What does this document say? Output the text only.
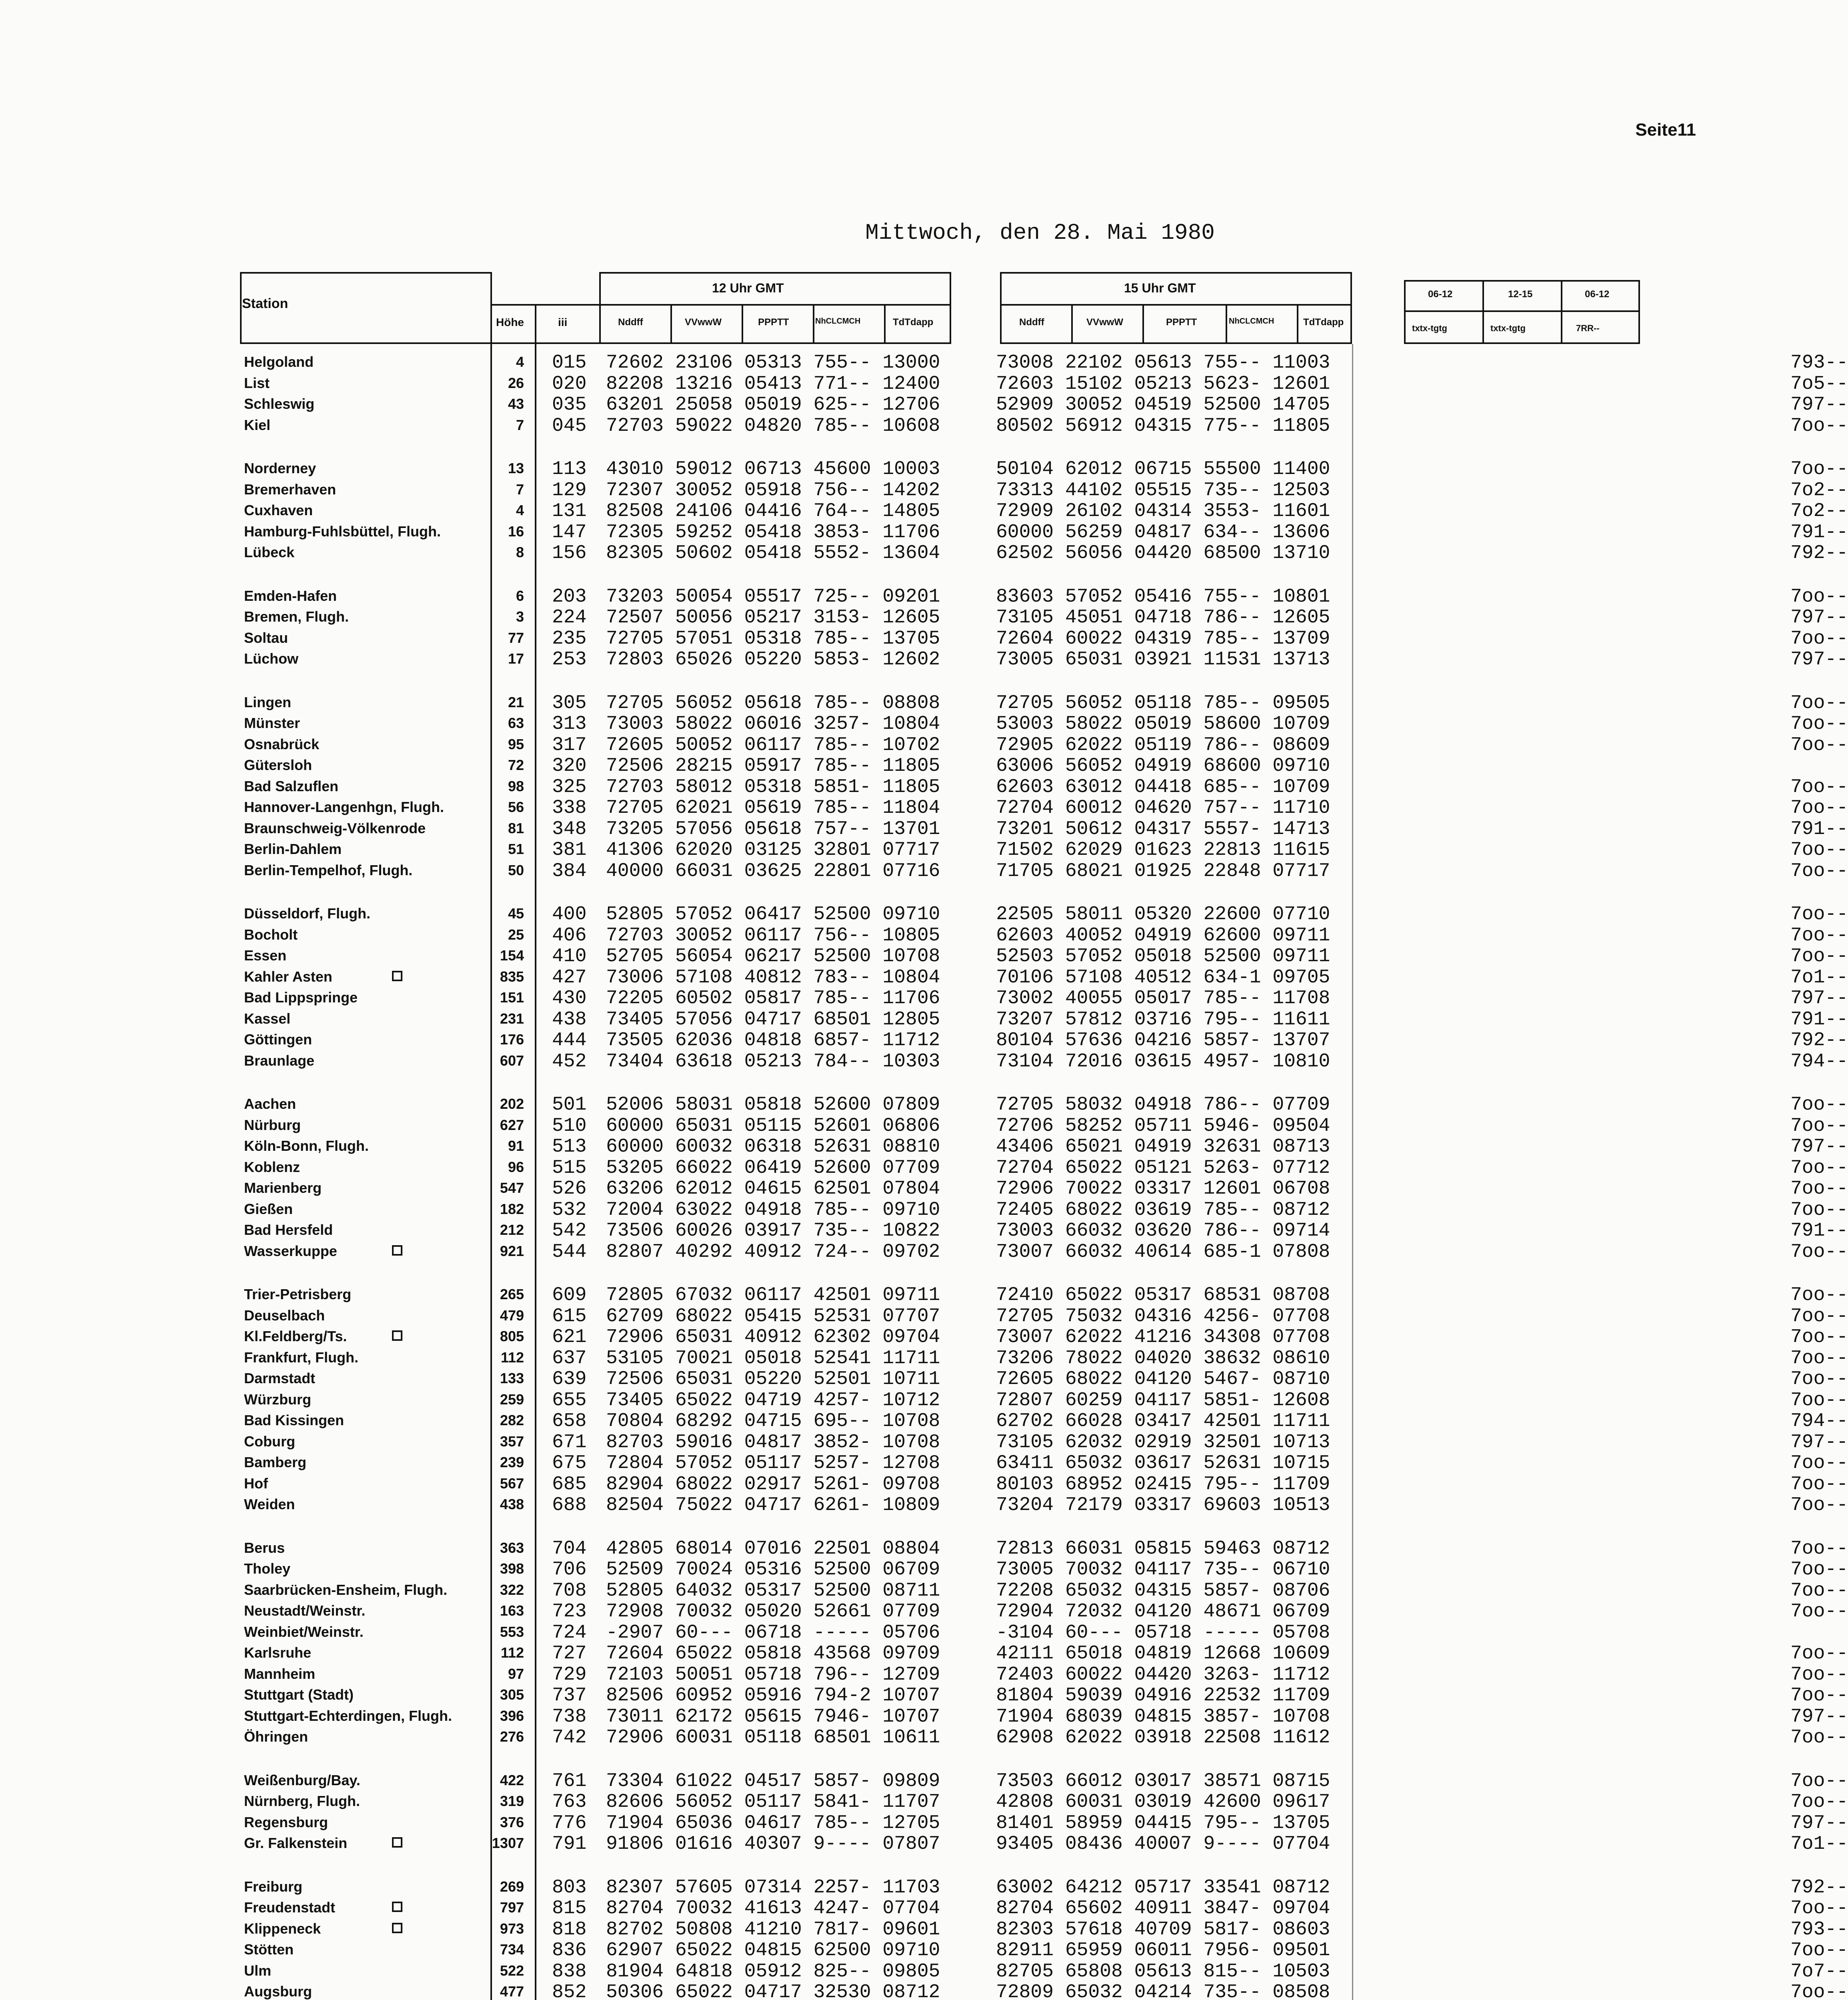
Seite11
Mittwoch, den 28. Mai 1980
Station
Höhe	iii
12 Uhr GMT	15 Uhr GMT
Nddff	VVwwW	PPPTT	NhCLCMCH	TdTdapp	Nddff	VVwwW	PPPTT	NhCLCMCH	TdTdapp
06-12	12-15	06-12
txtx-tgtg	txtx-tgtg	7RR--
Helgoland	4 015 72602 23106 05313 755-- 13000	73008 22102 05613 755-- 11003	793--
List	26 020 82208 13216 05413 771-- 12400	72603 15102 05213 5623- 12601	7o5--
Schleswig	43 035 63201 25058 05019 625-- 12706	52909 30052 04519 52500 14705	797--
Kiel	7 045 72703 59022 04820 785-- 10608	80502 56912 04315 775-- 11805	7oo--
Norderney	13 113 43010 59012 06713 45600 10003	50104 62012 06715 55500 11400	7oo--
Bremerhaven	7 129 72307 30052 05918 756-- 14202	73313 44102 05515 735-- 12503	7o2--
Cuxhaven	4 131 82508 24106 04416 764-- 14805	72909 26102 04314 3553- 11601	7o2--
Hamburg-Fuhlsbüttel, Flugh.	16 147 72305 59252 05418 3853- 11706	60000 56259 04817 634-- 13606	791--
Lübeck	8 156 82305 50602 05418 5552- 13604	62502 56056 04420 68500 13710	792--
Emden-Hafen	6 203 73203 50054 05517 725-- 09201	83603 57052 05416 755-- 10801	7oo--
Bremen, Flugh.	3 224 72507 50056 05217 3153- 12605	73105 45051 04718 786-- 12605	797--
Soltau	77 235 72705 57051 05318 785-- 13705	72604 60022 04319 785-- 13709	7oo--
Lüchow	17 253 72803 65026 05220 5853- 12602	73005 65031 03921 11531 13713	797--
Lingen	21 305 72705 56052 05618 785-- 08808	72705 56052 05118 785-- 09505	7oo--
Münster	63 313 73003 58022 06016 3257- 10804	53003 58022 05019 58600 10709	7oo--
Osnabrück	95 317 72605 50052 06117 785-- 10702	72905 62022 05119 786-- 08609	7oo--
Gütersloh	72 320 72506 28215 05917 785-- 11805	63006 56052 04919 68600 09710
Bad Salzuflen	98 325 72703 58012 05318 5851- 11805	62603 63012 04418 685-- 10709	7oo--
Hannover-Langenhgn, Flugh.	56 338 72705 62021 05619 785-- 11804	72704 60012 04620 757-- 11710	7oo--
Braunschweig-Völkenrode	81 348 73205 57056 05618 757-- 13701	73201 50612 04317 5557- 14713	791--
Berlin-Dahlem	51 381 41306 62020 03125 32801 07717	71502 62029 01623 22813 11615	7oo--
Berlin-Tempelhof, Flugh.	50 384 40000 66031 03625 22801 07716	71705 68021 01925 22848 07717	7oo--
Düsseldorf, Flugh.	45 400 52805 57052 06417 52500 09710	22505 58011 05320 22600 07710	7oo--
Bocholt	25 406 72703 30052 06117 756-- 10805	62603 40052 04919 62600 09711	7oo--
Essen	154 410 52705 56054 06217 52500 10708	52503 57052 05018 52500 09711	7oo--
Kahler Asten	835 427 73006 57108 40812 783-- 10804	70106 57108 40512 634-1 09705	7o1--
Bad Lippspringe	151 430 72205 60502 05817 785-- 11706	73002 40055 05017 785-- 11708	797--
Kassel	231 438 73405 57056 04717 68501 12805	73207 57812 03716 795-- 11611	791--
Göttingen	176 444 73505 62036 04818 6857- 11712	80104 57636 04216 5857- 13707	792--
Braunlage	607 452 73404 63618 05213 784-- 10303	73104 72016 03615 4957- 10810	794--
Aachen	202 501 52006 58031 05818 52600 07809	72705 58032 04918 786-- 07709	7oo--
Nürburg	627 510 60000 65031 05115 52601 06806	72706 58252 05711 5946- 09504	7oo--
Köln-Bonn, Flugh.	91 513 60000 60032 06318 52631 08810	43406 65021 04919 32631 08713	797--
Koblenz	96 515 53205 66022 06419 52600 07709	72704 65022 05121 5263- 07712	7oo--
Marienberg	547 526 63206 62012 04615 62501 07804	72906 70022 03317 12601 06708	7oo--
Gießen	182 532 72004 63022 04918 785-- 09710	72405 68022 03619 785-- 08712	7oo--
Bad Hersfeld	212 542 73506 60026 03917 735-- 10822	73003 66032 03620 786-- 09714	791--
Wasserkuppe	921 544 82807 40292 40912 724-- 09702	73007 66032 40614 685-1 07808	7oo--
Trier-Petrisberg	265 609 72805 67032 06117 42501 09711	72410 65022 05317 68531 08708	7oo--
Deuselbach	479 615 62709 68022 05415 52531 07707	72705 75032 04316 4256- 07708	7oo--
Kl.Feldberg/Ts.	805 621 72906 65031 40912 62302 09704	73007 62022 41216 34308 07708	7oo--
Frankfurt, Flugh.	112 637 53105 70021 05018 52541 11711	73206 78022 04020 38632 08610	7oo--
Darmstadt	133 639 72506 65031 05220 52501 10711	72605 68022 04120 5467- 08710	7oo--
Würzburg	259 655 73405 65022 04719 4257- 10712	72807 60259 04117 5851- 12608	7oo--
Bad Kissingen	282 658 70804 68292 04715 695-- 10708	62702 66028 03417 42501 11711	794--
Coburg	357 671 82703 59016 04817 3852- 10708	73105 62032 02919 32501 10713	797--
Bamberg	239 675 72804 57052 05117 5257- 12708	63411 65032 03617 52631 10715	7oo--
Hof	567 685 82904 68022 02917 5261- 09708	80103 68952 02415 795-- 11709	7oo--
Weiden	438 688 82504 75022 04717 6261- 10809	73204 72179 03317 69603 10513	7oo--
Berus	363 704 42805 68014 07016 22501 08804	72813 66031 05815 59463 08712	7oo--
Tholey	398 706 52509 70024 05316 52500 06709	73005 70032 04117 735-- 06710	7oo--
Saarbrücken-Ensheim, Flugh.	322 708 52805 64032 05317 52500 08711	72208 65032 04315 5857- 08706	7oo--
Neustadt/Weinstr.	163 723 72908 70032 05020 52661 07709	72904 72032 04120 48671 06709	7oo--
Weinbiet/Weinstr.	553 724 -2907 60--- 06718 ----- 05706	-3104 60--- 05718 ----- 05708
Karlsruhe	112 727 72604 65022 05818 43568 09709	42111 65018 04819 12668 10609	7oo--
Mannheim	97 729 72103 50051 05718 796-- 12709	72403 60022 04420 3263- 11712	7oo--
Stuttgart (Stadt)	305 737 82506 60952 05916 794-2 10707	81804 59039 04916 22532 11709	7oo--
Stuttgart-Echterdingen, Flugh.	396 738 73011 62172 05615 7946- 10707	71904 68039 04815 3857- 10708	797--
Öhringen	276 742 72906 60031 05118 68501 10611	62908 62022 03918 22508 11612	7oo--
Weißenburg/Bay.	422 761 73304 61022 04517 5857- 09809	73503 66012 03017 38571 08715	7oo--
Nürnberg, Flugh.	319 763 82606 56052 05117 5841- 11707	42808 60031 03019 42600 09617	7oo--
Regensburg	376 776 71904 65036 04617 785-- 12705	81401 58959 04415 795-- 13705	797--
Gr. Falkenstein	1307 791 91806 01616 40307 9---- 07807	93405 08436 40007 9---- 07704	7o1--
Freiburg	269 803 82307 57605 07314 2257- 11703	63002 64212 05717 33541 08712	792--
Freudenstadt	797 815 82704 70032 41613 4247- 07704	82704 65602 40911 3847- 09704	7oo--
Klippeneck	973 818 82702 50808 41210 7817- 09601	82303 57618 40709 5817- 08603	793--
Stötten	734 836 62907 65022 04815 62500 09710	82911 65959 06011 7956- 09501	7oo--
Ulm	522 838 81904 64818 05912 825-- 09805	82705 65808 05613 815-- 10503	7o7--
Augsburg	477 852 50306 65022 04717 32530 08712	72809 65032 04214 735-- 08508	7oo--
